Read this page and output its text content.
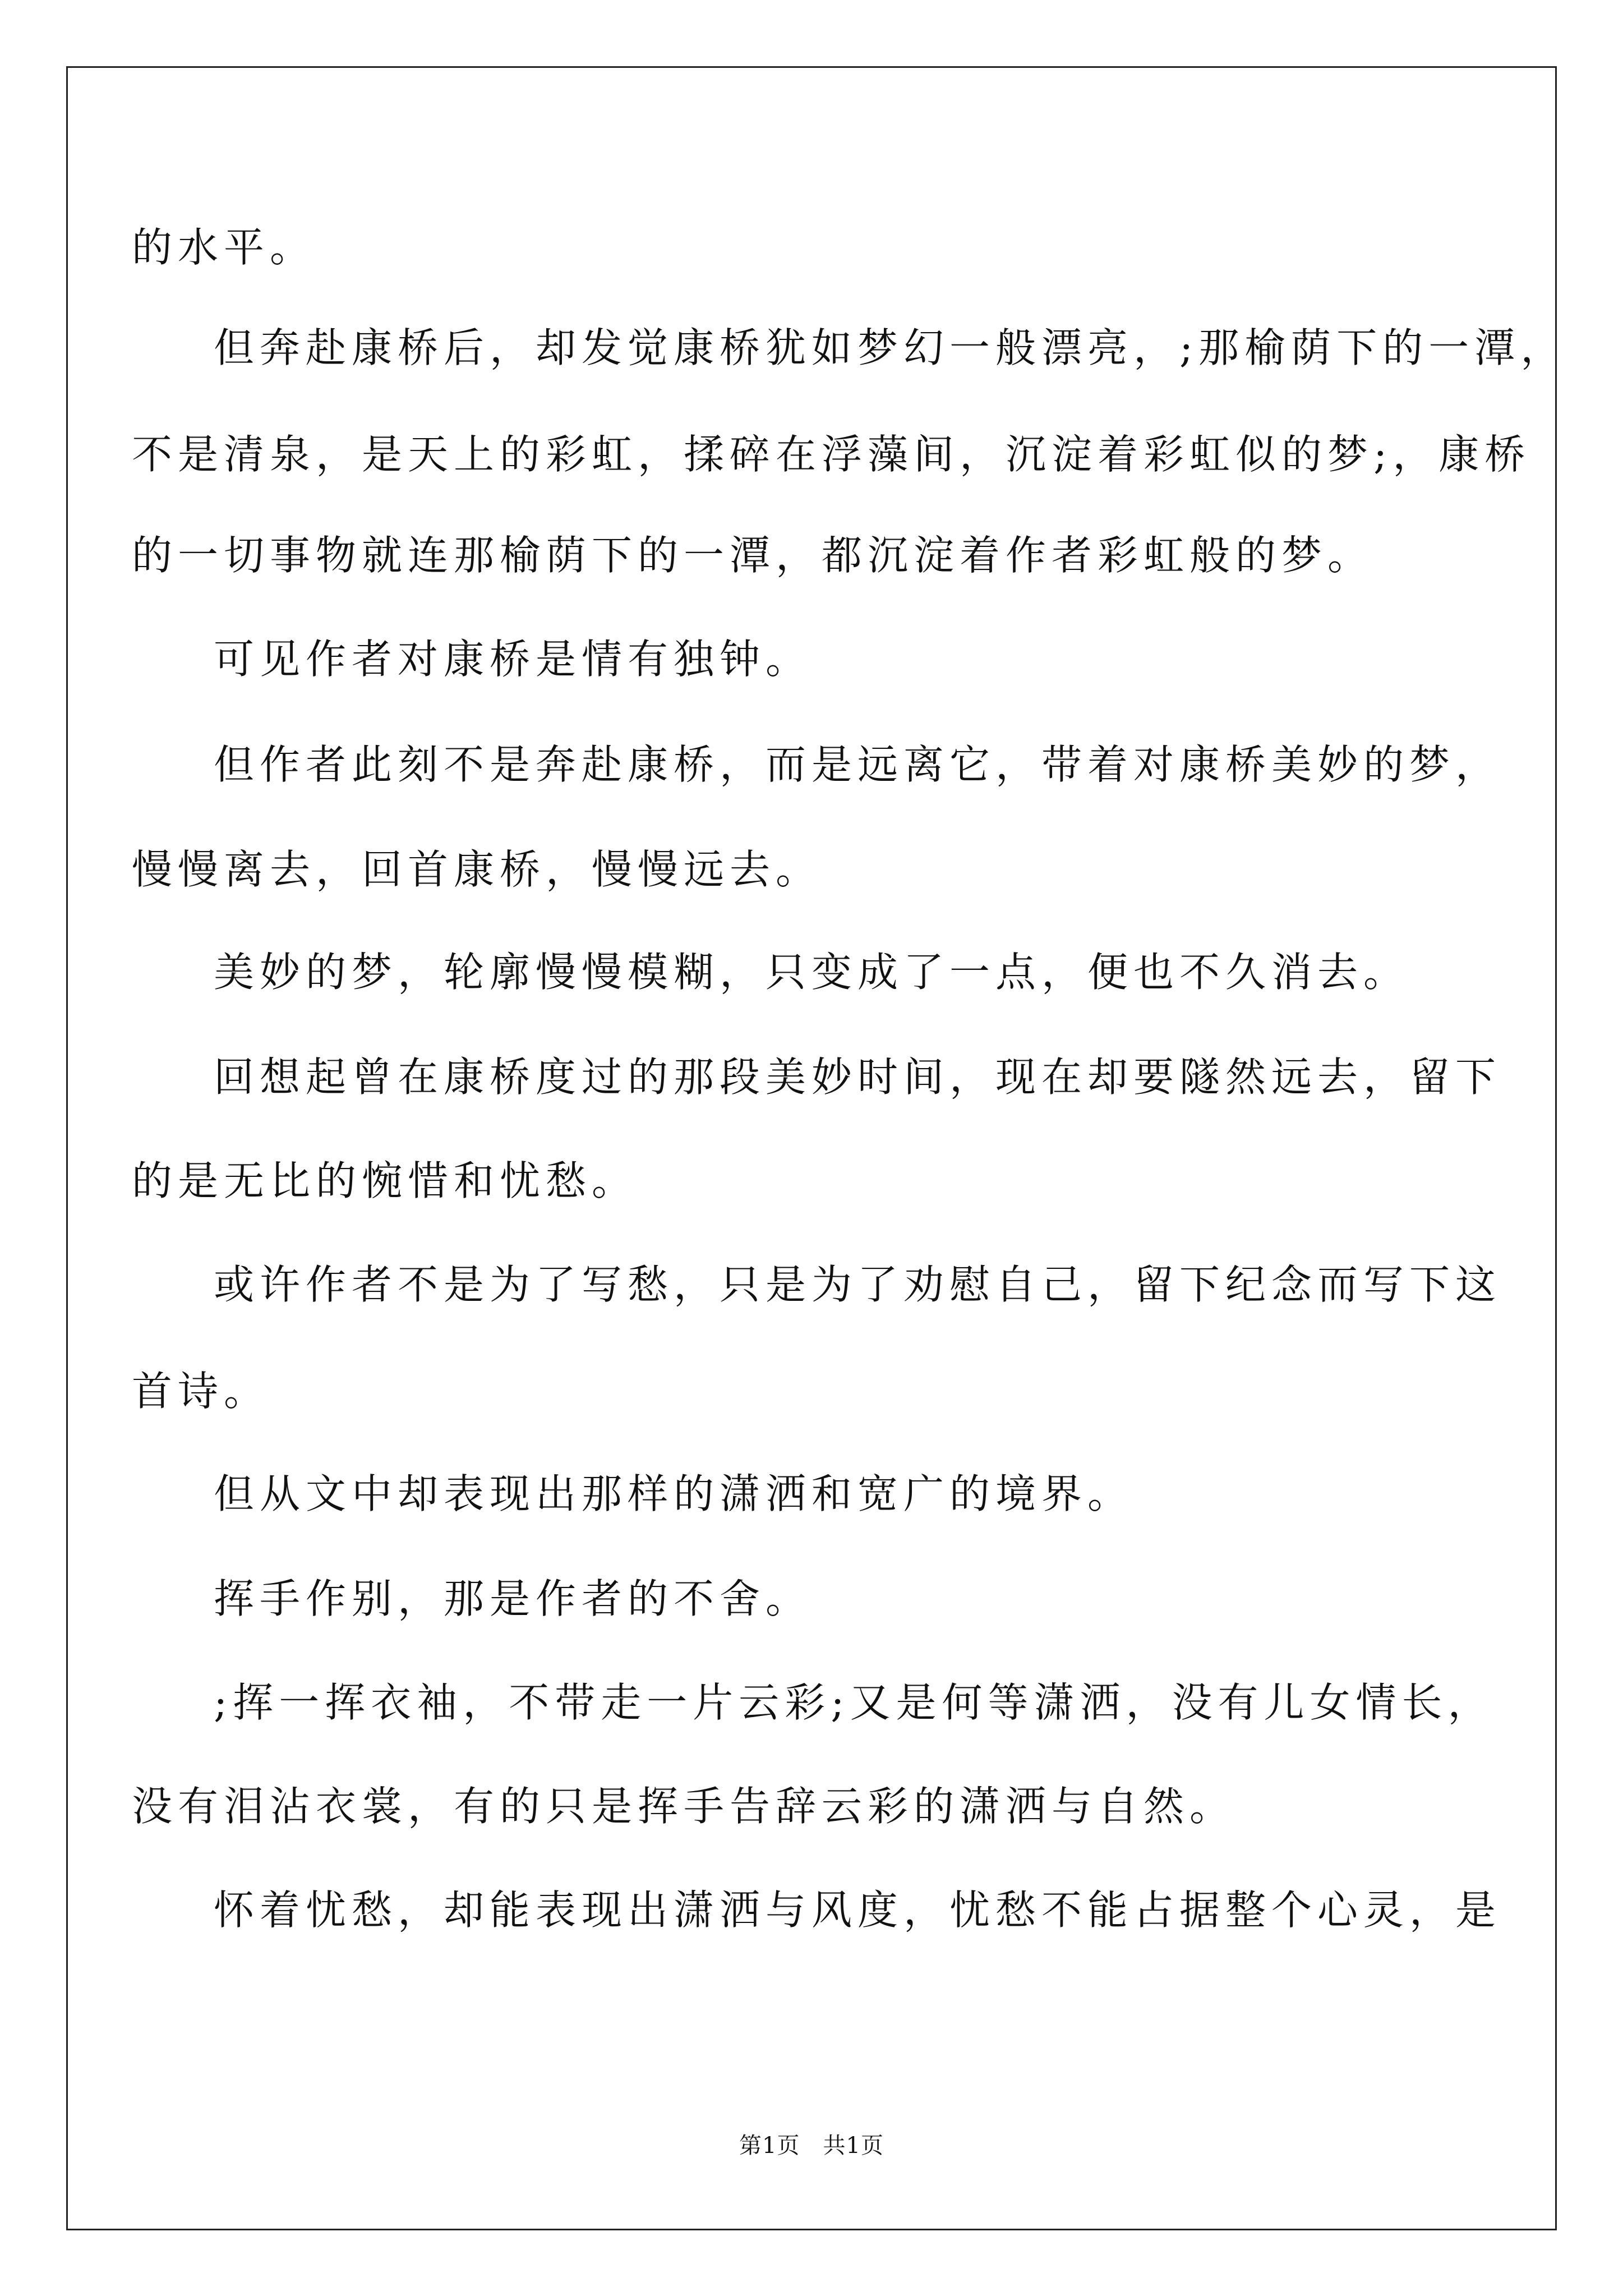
的水平。
但奔赴康桥后，却发觉康桥犹如梦幻一般漂亮，;那榆荫下的一潭，
不是清泉，是天上的彩虹，揉碎在浮藻间，沉淀着彩虹似的梦;，康桥
的一切事物就连那榆荫下的一潭，都沉淀着作者彩虹般的梦。
可见作者对康桥是情有独钟。
但作者此刻不是奔赴康桥，而是远离它，带着对康桥美妙的梦，
慢慢离去，回首康桥，慢慢远去。
美妙的梦，轮廓慢慢模糊，只变成了一点，便也不久消去。
回想起曾在康桥度过的那段美妙时间，现在却要隧然远去，留下
的是无比的惋惜和忧愁。
或许作者不是为了写愁，只是为了劝慰自己，留下纪念而写下这
首诗。
但从文中却表现出那样的潇洒和宽广的境界。
挥手作别，那是作者的不舍。
;挥一挥衣袖，不带走一片云彩;又是何等潇洒，没有儿女情长，
没有泪沾衣裳，有的只是挥手告辞云彩的潇洒与自然。
怀着忧愁，却能表现出潇洒与风度，忧愁不能占据整个心灵，是
第1页　共1页
